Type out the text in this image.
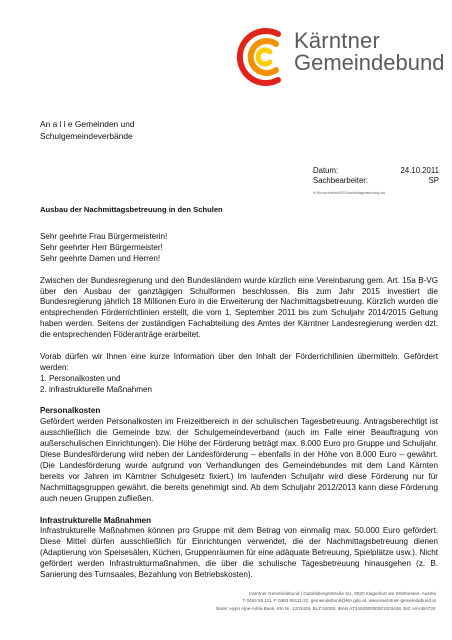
Kärntner
Gemeindebund
An a l l e Gemeinden und
Schulgemeindeverbände
Datum:	24.10.2011
Sachbearbeiter:	SP
H:\Rundschreiben\2011\Nachmittagsbetreuung.doc
Ausbau der Nachmittagsbetreuung in den Schulen

Sehr geehrte Frau Bürgermeisterin!

Sehr geehrter Herr Bürgermeister!

Sehr geehrte Damen und Herren!

Zwischen der Bundesregierung und den Bundesländern wurde kürzlich eine Vereinbarung gem. Art. 15a B-VG über den Ausbau der ganztägigen Schulformen beschlossen. Bis zum Jahr 2015 investiert die Bundesregierung jährlich 18 Millionen Euro in die Erweiterung der Nachmittagsbetreuung. Kürzlich wurden die entsprechenden Förderrichtlinien erstellt, die vom 1. September 2011 bis zum Schuljahr 2014/2015 Geltung haben werden. Seitens der zuständigen Fachabteilung des Amtes der Kärntner Landesregierung werden dzt. die entsprechenden Föderanträge erarbeitet.

Vorab dürfen wir Ihnen eine kurze Information über den Inhalt der Förderrichtlinien übermitteln. Gefördert werden:

1. Personalkosten und

2. infrastrukturelle Maßnahmen

Personalkosten

Gefördert werden Personalkosten im Freizeitbereich in der schulischen Tagesbetreuung. Antragsberechtigt ist ausschließlich die Gemeinde bzw. der Schulgemeindeverband (auch im Falle einer Beauftragung von außerschulischen Einrichtungen). Die Höhe der Förderung beträgt max. 8.000 Euro pro Gruppe und Schuljahr. Diese Bundesförderung wird neben der Landesförderung – ebenfalls in der Höhe von 8.000 Euro – gewährt. (Die Landesförderung wurde aufgrund von Verhandlungen des Gemeindebundes mit dem Land Kärnten bereits vor Jahren im Kärntner Schulgesetz fixiert.) Im laufenden Schuljahr wird diese Förderung nur für Nachmittagsgruppen gewährt, die bereits genehmigt sind. Ab dem Schuljahr 2012/2013 kann diese Förderung auch neuen Gruppen zufließen.

Infrastrukturelle Maßnahmen

Infrastrukturelle Maßnahmen können pro Gruppe mit dem Betrag von einmalig max. 50.000 Euro gefördert. Diese Mittel dürfen ausschließlich für Einrichtungen verwendet, die der Nachmittagsbetreuung dienen (Adaptierung von Speisesälen, Küchen, Gruppenräumen für eine adäquate Betreuung, Spielplätze usw.). Nicht gefördert werden Infrastrukturmaßnahmen, die über die schulische Tagesbetreuung hinausgehen (z. B. Sanierung des Turnsaales, Bezahlung von Betriebskosten).

Kärntner Gemeindebund | Gabelsbergerstraße 5/1, 9020 Klagenfurt am Wörthersee, Austria
T 0463 55 111, F 0463 55111-22, gemeindebund@ktn.gde.at, www.kaerntner-gemeindebund.at
Bank: Hypo Alpe-Adria Bank, Kto.Nr. 1203428, BLZ 52000, IBAN AT245200000001203428, BIC HAABAT2K
